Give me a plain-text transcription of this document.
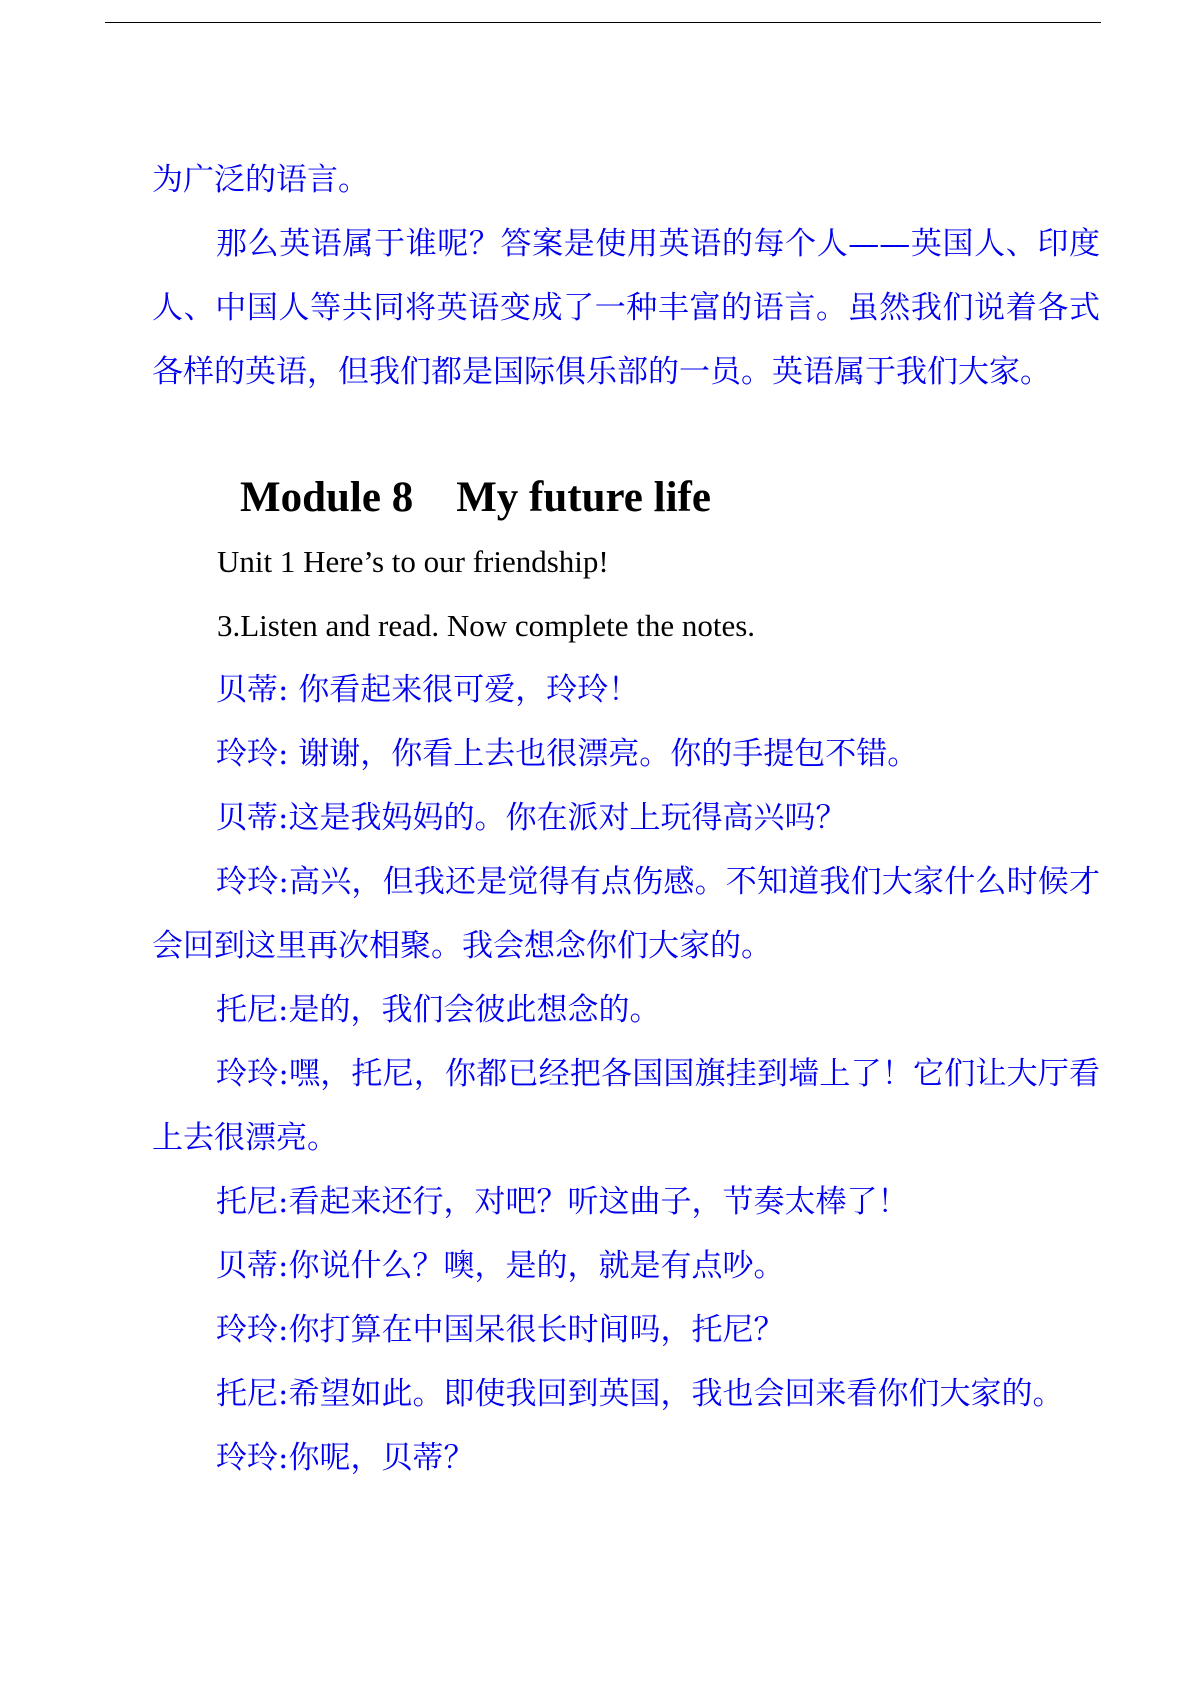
为广泛的语言。

那么英语属于谁呢？答案是使用英语的每个人——英国人、印度人、中国人等共同将英语变成了一种丰富的语言。虽然我们说着各式各样的英语，但我们都是国际俱乐部的一员。英语属于我们大家。

Module 8    My future life

Unit 1 Here’s to our friendship!

3.Listen and read. Now complete the notes.

贝蒂: 你看起来很可爱，玲玲！

玲玲: 谢谢，你看上去也很漂亮。你的手提包不错。

贝蒂:这是我妈妈的。你在派对上玩得高兴吗？

玲玲:高兴，但我还是觉得有点伤感。不知道我们大家什么时候才会回到这里再次相聚。我会想念你们大家的。

托尼:是的，我们会彼此想念的。

玲玲:嘿，托尼，你都已经把各国国旗挂到墙上了！它们让大厅看上去很漂亮。

托尼:看起来还行，对吧？听这曲子，节奏太棒了！

贝蒂:你说什么？噢，是的，就是有点吵。

玲玲:你打算在中国呆很长时间吗，托尼？

托尼:希望如此。即使我回到英国，我也会回来看你们大家的。

玲玲:你呢，贝蒂？
